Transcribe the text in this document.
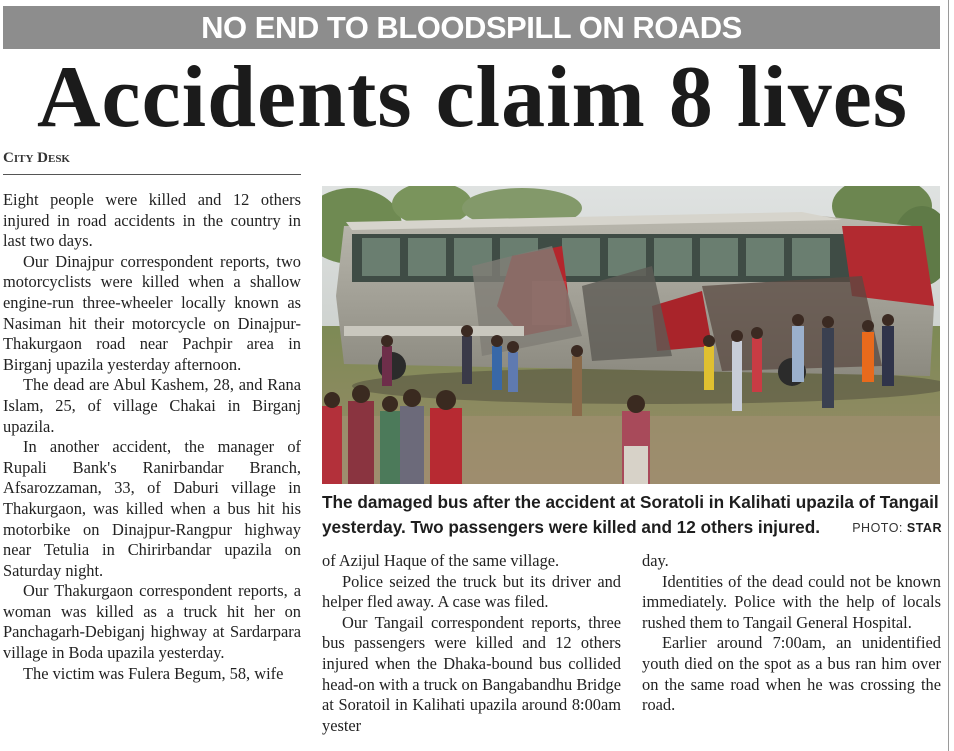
NO END TO BLOODSPILL ON ROADS
Accidents claim 8 lives
City Desk

Eight people were killed and 12 others injured in road accidents in the country in last two days.

Our Dinajpur correspondent reports, two motorcyclists were killed when a shallow engine-run three-wheeler locally known as Nasiman hit their motorcycle on Dinajpur-Thakurgaon road near Pachpir area in Birganj upazila yesterday afternoon.

The dead are Abul Kashem, 28, and Rana Islam, 25, of village Chakai in Birganj upazila.

In another accident, the manager of Rupali Bank's Ranirbandar Branch, Afsarozzaman, 33, of Daburi village in Thakurgaon, was killed when a bus hit his motorbike on Dinajpur-Rangpur highway near Tetulia in Chirirbandar upazila on Saturday night.

Our Thakurgaon correspondent reports, a woman was killed as a truck hit her on Panchagarh-Debiganj highway at Sardarpara village in Boda upazila yesterday.

The victim was Fulera Begum, 58, wife

The damaged bus after the accident at Soratoli in Kalihati upazila of Tangail yesterday. Two passengers were killed and 12 others injured.	PHOTO: STAR

of Azijul Haque of the same village.

Police seized the truck but its driver and helper fled away. A case was filed.

Our Tangail correspondent reports, three bus passengers were killed and 12 others injured when the Dhaka-bound bus collided head-on with a truck on Bangabandhu Bridge at Soratoil in Kalihati upazila around 8:00am yester

day.

Identities of the dead could not be known immediately. Police with the help of locals rushed them to Tangail General Hospital.

Earlier around 7:00am, an unidentified youth died on the spot as a bus ran him over on the same road when he was crossing the road.
